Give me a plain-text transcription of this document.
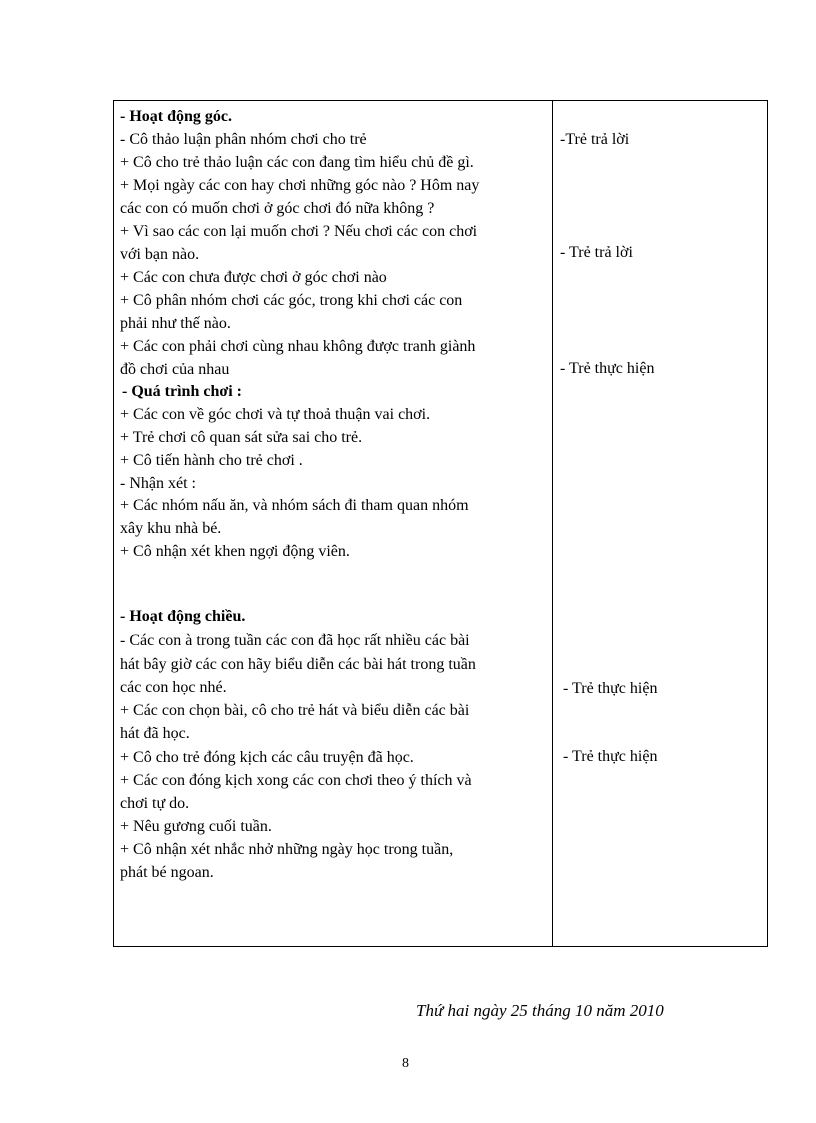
- Hoạt động góc.
- Cô thảo luận phân nhóm chơi cho trẻ
+ Cô cho trẻ thảo luận các con đang tìm hiểu chủ đề gì.
+ Mọi ngày các con hay chơi những góc nào ? Hôm nay
các con có muốn chơi ở góc chơi đó nữa không ?
+ Vì sao các con lại muốn chơi ? Nếu chơi các con chơi
với bạn nào.
+ Các con chưa được chơi ở góc chơi nào
+ Cô phân nhóm chơi các góc, trong khi chơi các con
phải như thế nào.
+ Các con phải chơi cùng nhau không được tranh giành
đồ chơi của nhau
- Quá trình chơi :
+ Các con về góc chơi và tự thoả thuận vai chơi.
+ Trẻ chơi cô quan sát sửa sai cho trẻ.
+ Cô tiến hành cho trẻ chơi .
- Nhận xét :
+ Các nhóm nấu ăn, và nhóm sách đi tham quan nhóm
xây khu nhà bé.
+ Cô nhận xét khen ngợi động viên.
- Hoạt động chiều.
- Các con à trong tuần các con đã học rất nhiều các bài
hát bây giờ các con hãy biểu diễn các bài hát trong tuần
các con học nhé.
+ Các con chọn bài, cô cho trẻ hát và biểu diễn các bài
hát đã học.
+ Cô cho trẻ đóng kịch các câu truyện đã học.
+ Các con đóng kịch xong các con chơi theo ý thích và
chơi tự do.
+ Nêu gương cuối tuần.
+ Cô nhận xét nhắc nhở những ngày học trong tuần,
phát bé ngoan.
-Trẻ trả lời
- Trẻ trả lời
- Trẻ thực hiện
- Trẻ thực hiện
- Trẻ thực hiện
Thứ hai ngày 25 tháng 10 năm 2010
8
